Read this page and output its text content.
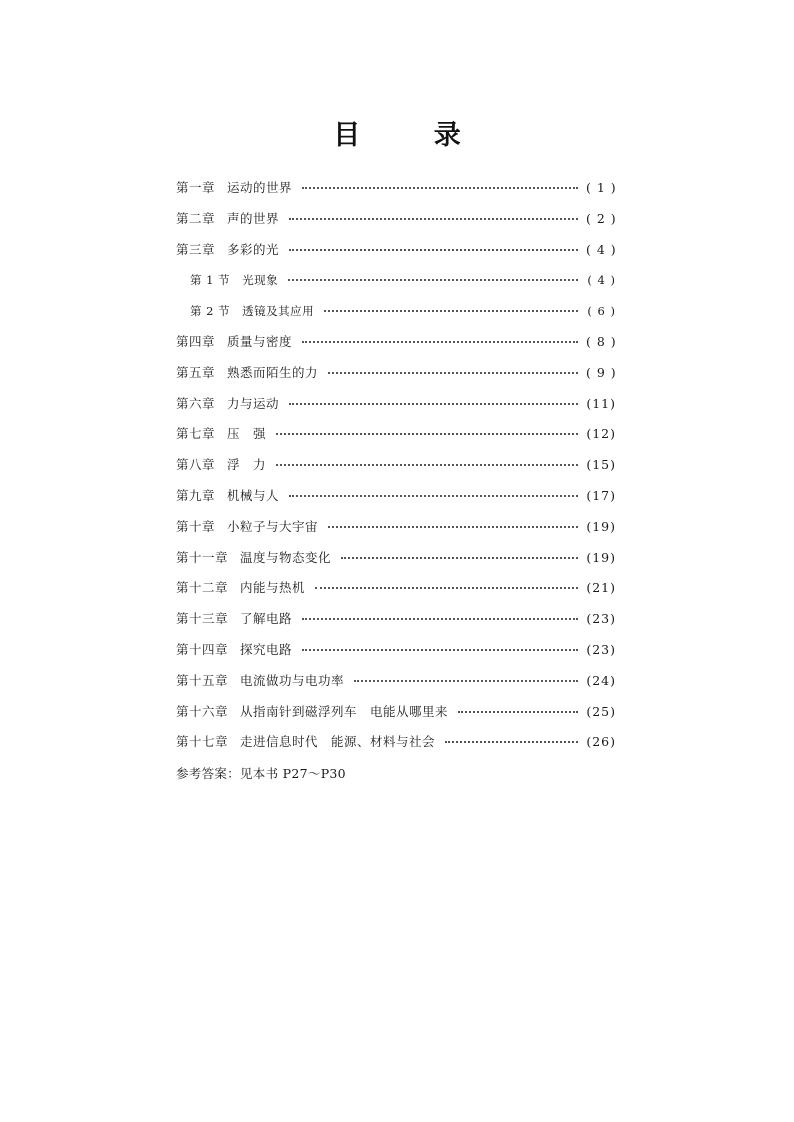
目 录
第一章 运动的世界	( 1 )
第二章 声的世界	( 2 )
第三章 多彩的光	( 4 )
第 1 节 光现象	( 4 )
第 2 节 透镜及其应用	( 6 )
第四章 质量与密度	( 8 )
第五章 熟悉而陌生的力	( 9 )
第六章 力与运动	(11)
第七章 压　强	(12)
第八章 浮　力	(15)
第九章 机械与人	(17)
第十章 小粒子与大宇宙	(19)
第十一章 温度与物态变化	(19)
第十二章 内能与热机	(21)
第十三章 了解电路	(23)
第十四章 探究电路	(23)
第十五章 电流做功与电功率	(24)
第十六章 从指南针到磁浮列车　电能从哪里来	(25)
第十七章 走进信息时代　能源、材料与社会	(26)
参考答案：见本书 P27～P30
